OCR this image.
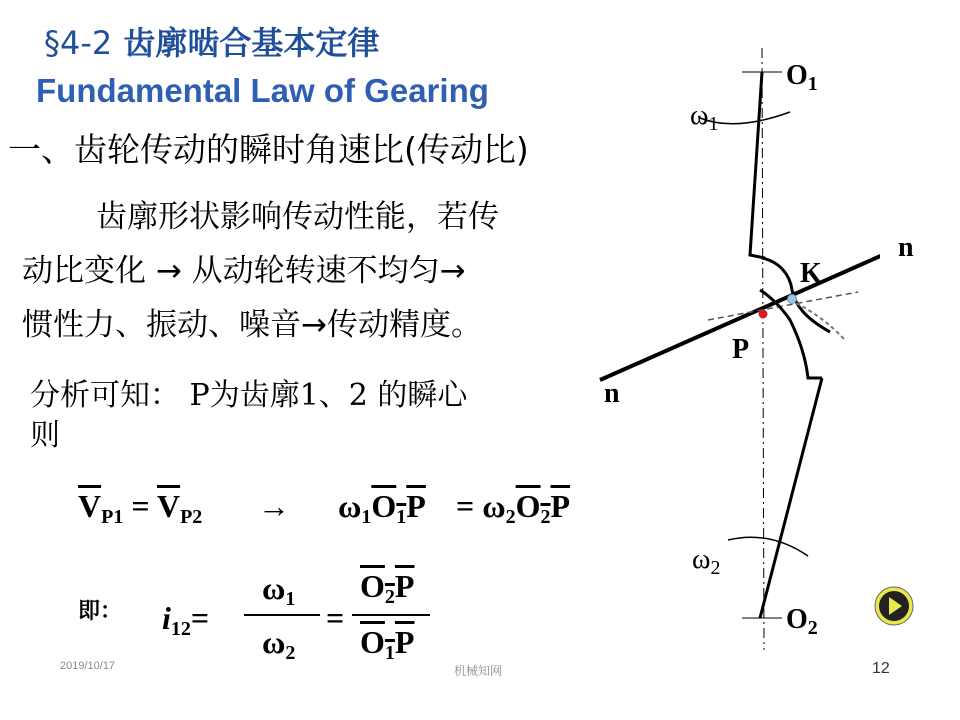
§4-2 齿廓啮合基本定律
Fundamental Law of Gearing
一、齿轮传动的瞬时角速比(传动比)
齿廓形状影响传动性能，若传
动比变化 → 从动轮转速不均匀→
惯性力、振动、噪音→传动精度。
分析可知： P为齿廓1、2 的瞬心
则
$\overline{V}_{P1} = \overline{V}_{P2} \to \omega_1O_1P = \omega_2O_2P$
即： $i_{12}=$
$\omega_1$
$\omega_2$
=
$O_2P$
$O_1P$
$O_1$
$\omega_1$
n
K
P
n
$\omega_2$
$O_2$
2019/10/17	机械知网	12
